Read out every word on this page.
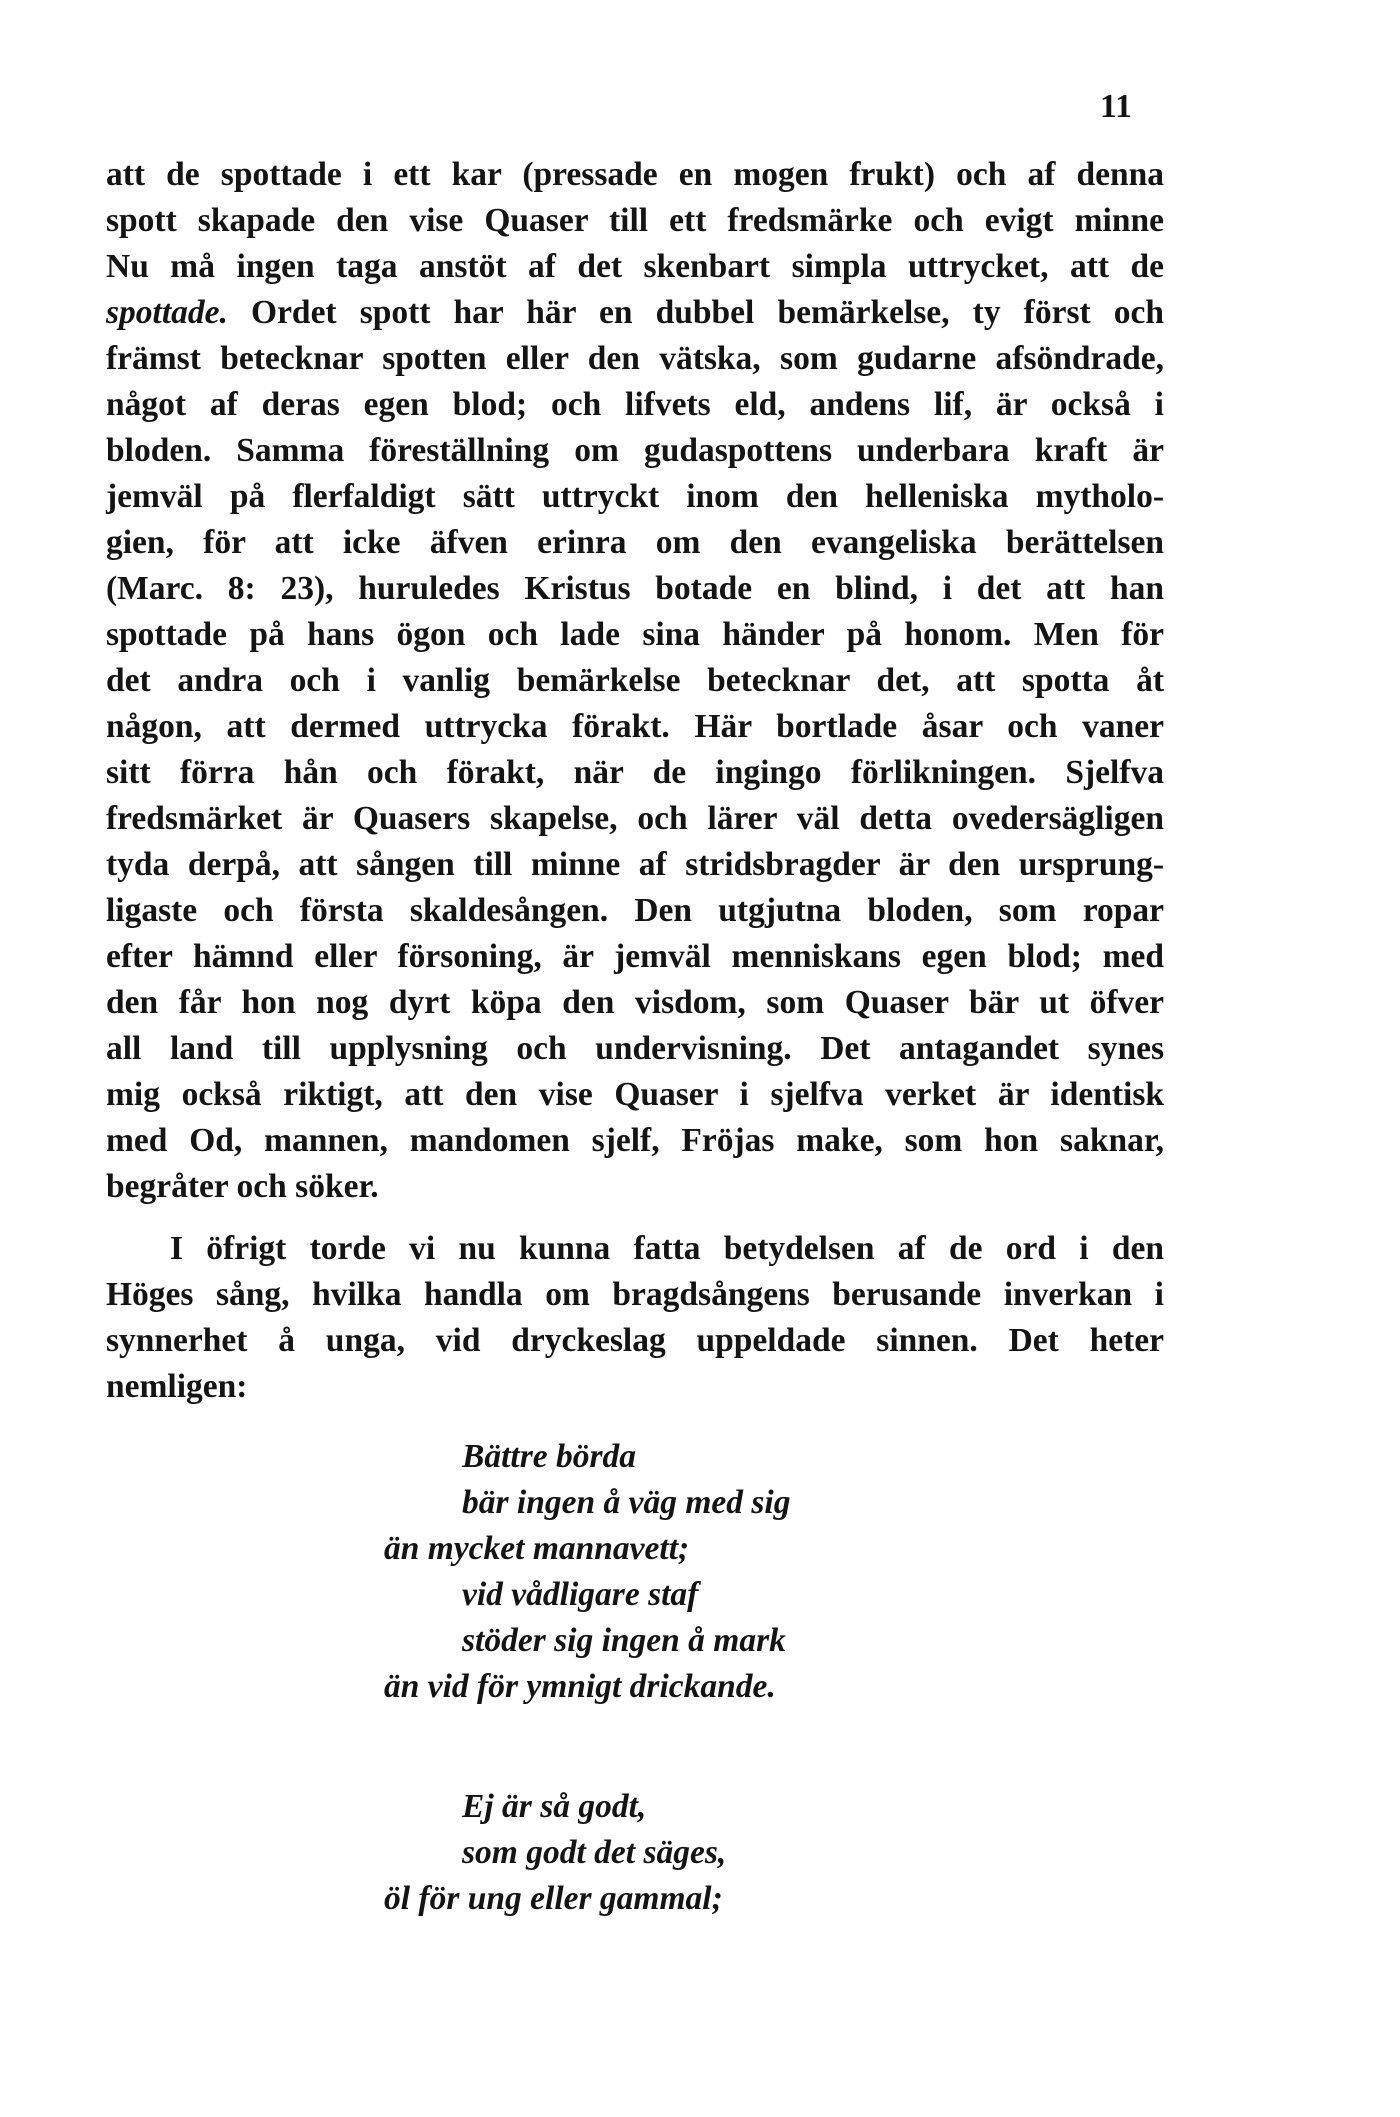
11
att de spottade i ett kar (pressade en mogen frukt) och af denna
spott skapade den vise Quaser till ett fredsmärke och evigt minne
Nu må ingen taga anstöt af det skenbart simpla uttrycket, att de
spottade. Ordet spott har här en dubbel bemärkelse, ty först och
främst betecknar spotten eller den vätska, som gudarne afsöndrade,
något af deras egen blod; och lifvets eld, andens lif, är också i
bloden. Samma föreställning om gudaspottens underbara kraft är
jemväl på flerfaldigt sätt uttryckt inom den helleniska mytholo-
gien, för att icke äfven erinra om den evangeliska berättelsen
(Marc. 8: 23), huruledes Kristus botade en blind, i det att han
spottade på hans ögon och lade sina händer på honom. Men för
det andra och i vanlig bemärkelse betecknar det, att spotta åt
någon, att dermed uttrycka förakt. Här bortlade åsar och vaner
sitt förra hån och förakt, när de ingingo förlikningen. Sjelfva
fredsmärket är Quasers skapelse, och lärer väl detta ovedersägligen
tyda derpå, att sången till minne af stridsbragder är den ursprung-
ligaste och första skaldesången. Den utgjutna bloden, som ropar
efter hämnd eller försoning, är jemväl menniskans egen blod; med
den får hon nog dyrt köpa den visdom, som Quaser bär ut öfver
all land till upplysning och undervisning. Det antagandet synes
mig också riktigt, att den vise Quaser i sjelfva verket är identisk
med Od, mannen, mandomen sjelf, Fröjas make, som hon saknar,
begråter och söker.
I öfrigt torde vi nu kunna fatta betydelsen af de ord i den
Höges sång, hvilka handla om bragdsångens berusande inverkan i
synnerhet å unga, vid dryckeslag uppeldade sinnen. Det heter
nemligen:
Bättre börda
bär ingen å väg med sig
än mycket mannavett;
vid vådligare staf
stöder sig ingen å mark
än vid för ymnigt drickande.
Ej är så godt,
som godt det säges,
öl för ung eller gammal;
